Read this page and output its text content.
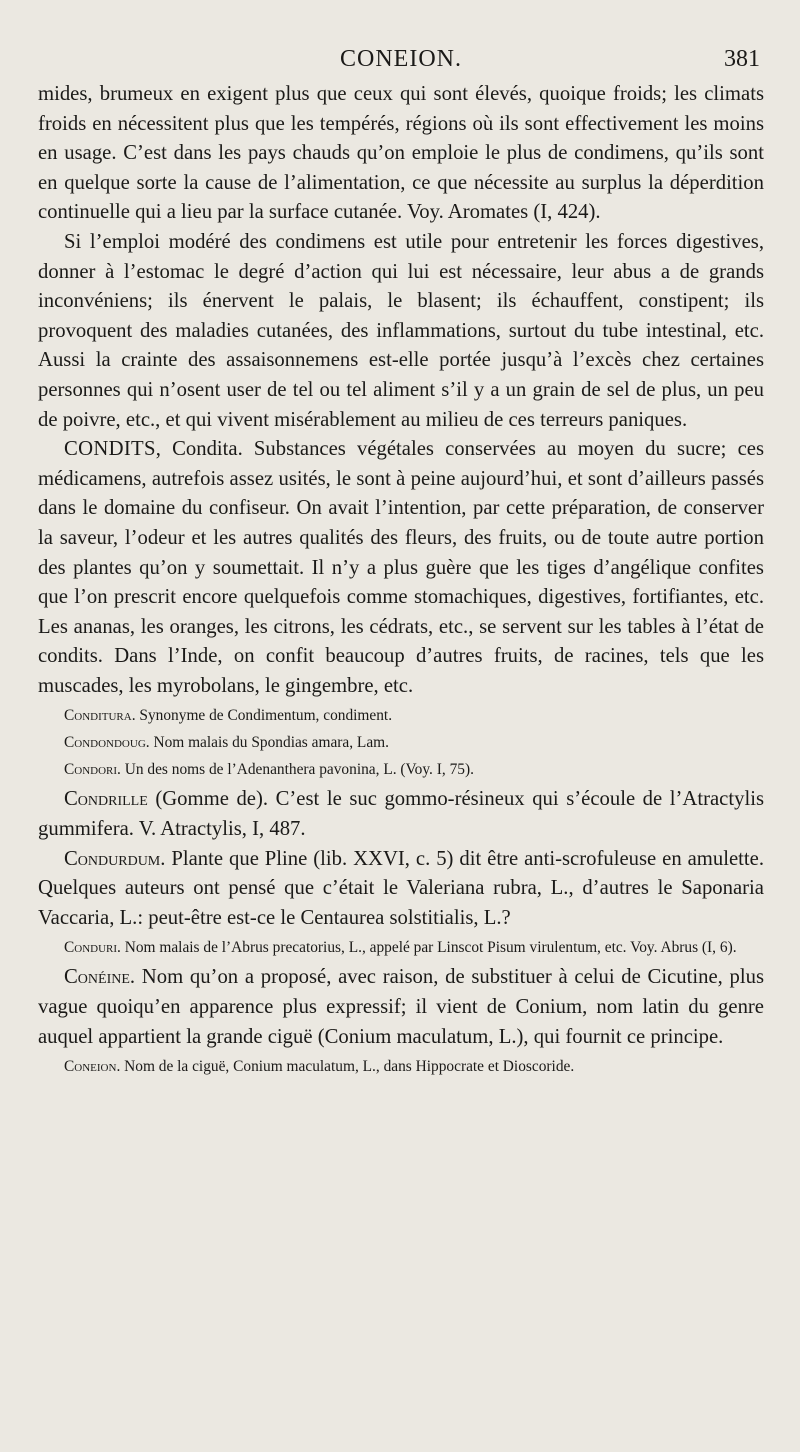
CONEION.	381

mides, brumeux en exigent plus que ceux qui sont élevés, quoique froids; les climats froids en nécessitent plus que les tempérés, régions où ils sont effectivement les moins en usage. C’est dans les pays chauds qu’on emploie le plus de condimens, qu’ils sont en quelque sorte la cause de l’alimentation, ce que nécessite au surplus la déperdition continuelle qui a lieu par la surface cutanée. Voy. Aromates (I, 424).

Si l’emploi modéré des condimens est utile pour entretenir les forces digestives, donner à l’estomac le degré d’action qui lui est nécessaire, leur abus a de grands inconvéniens; ils énervent le palais, le blasent; ils échauffent, constipent; ils provoquent des maladies cutanées, des inflammations, surtout du tube intestinal, etc. Aussi la crainte des assaisonnemens est-elle portée jusqu’à l’excès chez certaines personnes qui n’osent user de tel ou tel aliment s’il y a un grain de sel de plus, un peu de poivre, etc., et qui vivent misérablement au milieu de ces terreurs paniques.

CONDITS, Condita. Substances végétales conservées au moyen du sucre; ces médicamens, autrefois assez usités, le sont à peine aujourd’hui, et sont d’ailleurs passés dans le domaine du confiseur. On avait l’intention, par cette préparation, de conserver la saveur, l’odeur et les autres qualités des fleurs, des fruits, ou de toute autre portion des plantes qu’on y soumettait. Il n’y a plus guère que les tiges d’angélique confites que l’on prescrit encore quelquefois comme stomachiques, digestives, fortifiantes, etc. Les ananas, les oranges, les citrons, les cédrats, etc., se servent sur les tables à l’état de condits. Dans l’Inde, on confit beaucoup d’autres fruits, de racines, tels que les muscades, les myrobolans, le gingembre, etc.

Conditura. Synonyme de Condimentum, condiment.

Condondoug. Nom malais du Spondias amara, Lam.

Condori. Un des noms de l’Adenanthera pavonina, L. (Voy. I, 75).

Condrille (Gomme de). C’est le suc gommo-résineux qui s’écoule de l’Atractylis gummifera. V. Atractylis, I, 487.

Condurdum. Plante que Pline (lib. XXVI, c. 5) dit être anti-scrofuleuse en amulette. Quelques auteurs ont pensé que c’était le Valeriana rubra, L., d’autres le Saponaria Vaccaria, L.: peut-être est-ce le Centaurea solstitialis, L.?

Conduri. Nom malais de l’Abrus precatorius, L., appelé par Linscot Pisum virulentum, etc. Voy. Abrus (I, 6).

Conéine. Nom qu’on a proposé, avec raison, de substituer à celui de Cicutine, plus vague quoiqu’en apparence plus expressif; il vient de Conium, nom latin du genre auquel appartient la grande ciguë (Conium maculatum, L.), qui fournit ce principe.

Coneion. Nom de la ciguë, Conium maculatum, L., dans Hippocrate et Dioscoride.
